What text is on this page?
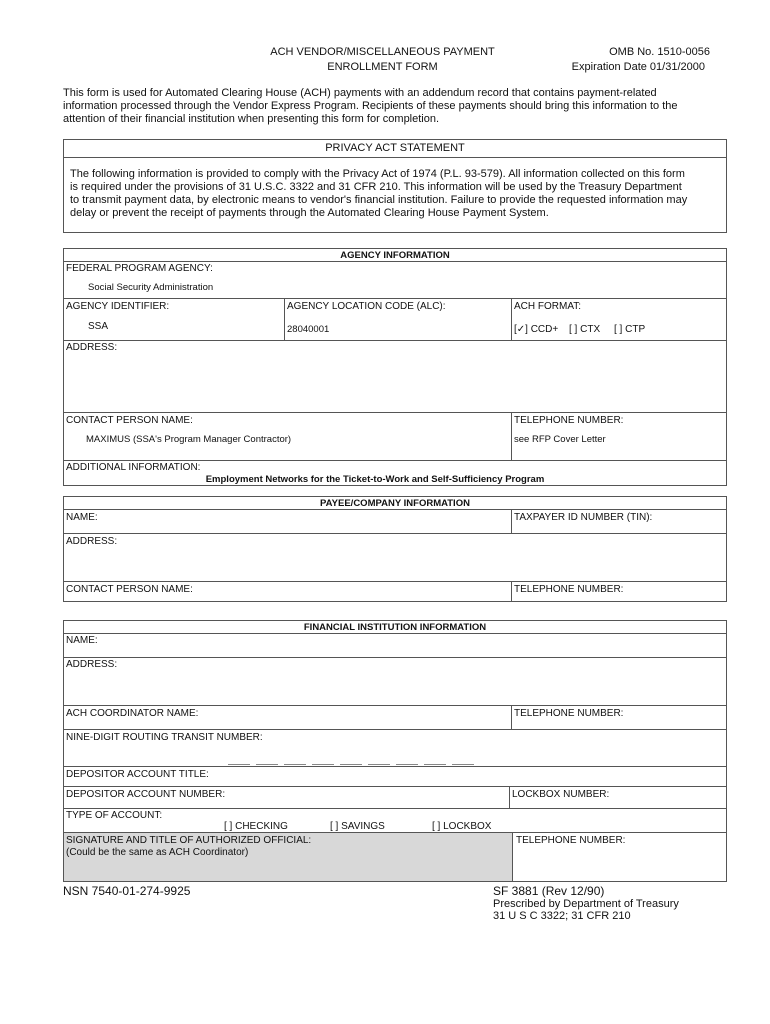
ACH VENDOR/MISCELLANEOUS PAYMENT
ENROLLMENT FORM
OMB No. 1510-0056
Expiration Date 01/31/2000
This form is used for Automated Clearing House (ACH) payments with an addendum record that contains payment-related
information processed through the Vendor Express Program. Recipients of these payments should bring this information to the
attention of their financial institution when presenting this form for completion.
PRIVACY ACT STATEMENT
The following information is provided to comply with the Privacy Act of 1974 (P.L. 93-579). All information collected on this form
is required under the provisions of 31 U.S.C. 3322 and 31 CFR 210. This information will be used by the Treasury Department
to transmit payment data, by electronic means to vendor's financial institution. Failure to provide the requested information may
delay or prevent the receipt of payments through the Automated Clearing House Payment System.
AGENCY INFORMATION
FEDERAL PROGRAM AGENCY:
Social Security Administration
AGENCY IDENTIFIER:
SSA
AGENCY LOCATION CODE (ALC):
28040001
ACH FORMAT:
[✓] CCD+ [ ] CTX [ ] CTP
ADDRESS:
CONTACT PERSON NAME:
MAXIMUS (SSA's Program Manager Contractor)
TELEPHONE NUMBER:
see RFP Cover Letter
ADDITIONAL INFORMATION:
Employment Networks for the Ticket-to-Work and Self-Sufficiency Program
PAYEE/COMPANY INFORMATION
NAME:	TAXPAYER ID NUMBER (TIN):
ADDRESS:
CONTACT PERSON NAME:	TELEPHONE NUMBER:
FINANCIAL INSTITUTION INFORMATION
NAME:
ADDRESS:
ACH COORDINATOR NAME:	TELEPHONE NUMBER:
NINE-DIGIT ROUTING TRANSIT NUMBER:
DEPOSITOR ACCOUNT TITLE:
DEPOSITOR ACCOUNT NUMBER:	LOCKBOX NUMBER:
TYPE OF ACCOUNT:
[ ] CHECKING	[ ] SAVINGS	[ ] LOCKBOX
SIGNATURE AND TITLE OF AUTHORIZED OFFICIAL:
(Could be the same as ACH Coordinator)
TELEPHONE NUMBER:
NSN 7540-01-274-9925	SF 3881 (Rev 12/90)
Prescribed by Department of Treasury
31 U S C 3322; 31 CFR 210
